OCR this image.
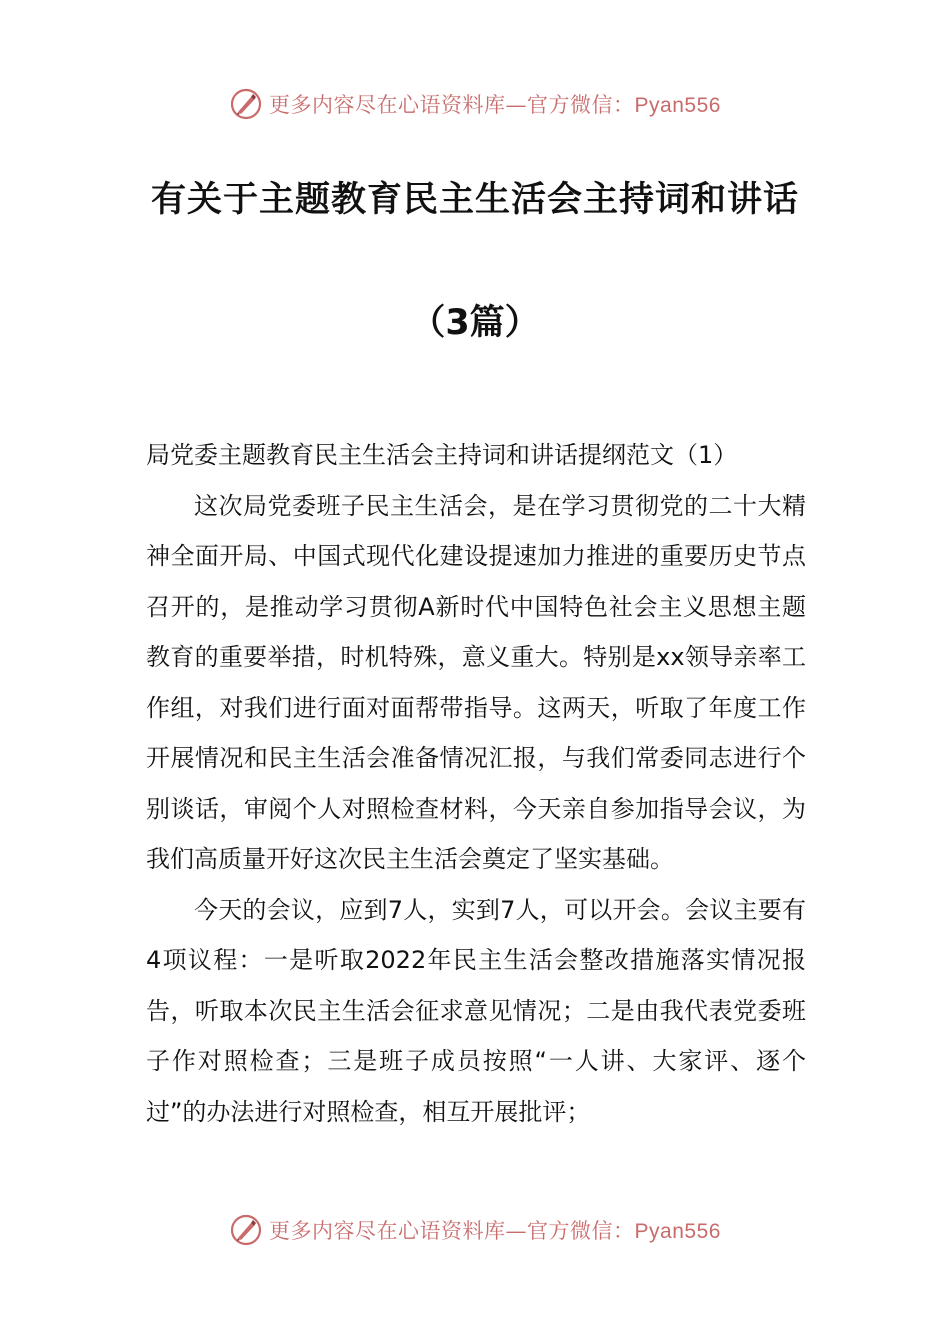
更多内容尽在心语资料库—官方微信：Pyan556
有关于主题教育民主生活会主持词和讲话
（3篇）

局党委主题教育民主生活会主持词和讲话提纲范文（1）

这次局党委班子民主生活会，是在学习贯彻党的二十大精神全面开局、中国式现代化建设提速加力推进的重要历史节点召开的，是推动学习贯彻A新时代中国特色社会主义思想主题教育的重要举措，时机特殊，意义重大。特别是xx领导亲率工作组，对我们进行面对面帮带指导。这两天，听取了年度工作开展情况和民主生活会准备情况汇报，与我们常委同志进行个别谈话，审阅个人对照检查材料，今天亲自参加指导会议，为我们高质量开好这次民主生活会奠定了坚实基础。

今天的会议，应到7人，实到7人，可以开会。会议主要有4项议程：一是听取2022年民主生活会整改措施落实情况报告，听取本次民主生活会征求意见情况；二是由我代表党委班子作对照检查；三是班子成员按照“一人讲、大家评、逐个过”的办法进行对照检查，相互开展批评；

更多内容尽在心语资料库—官方微信：Pyan556
